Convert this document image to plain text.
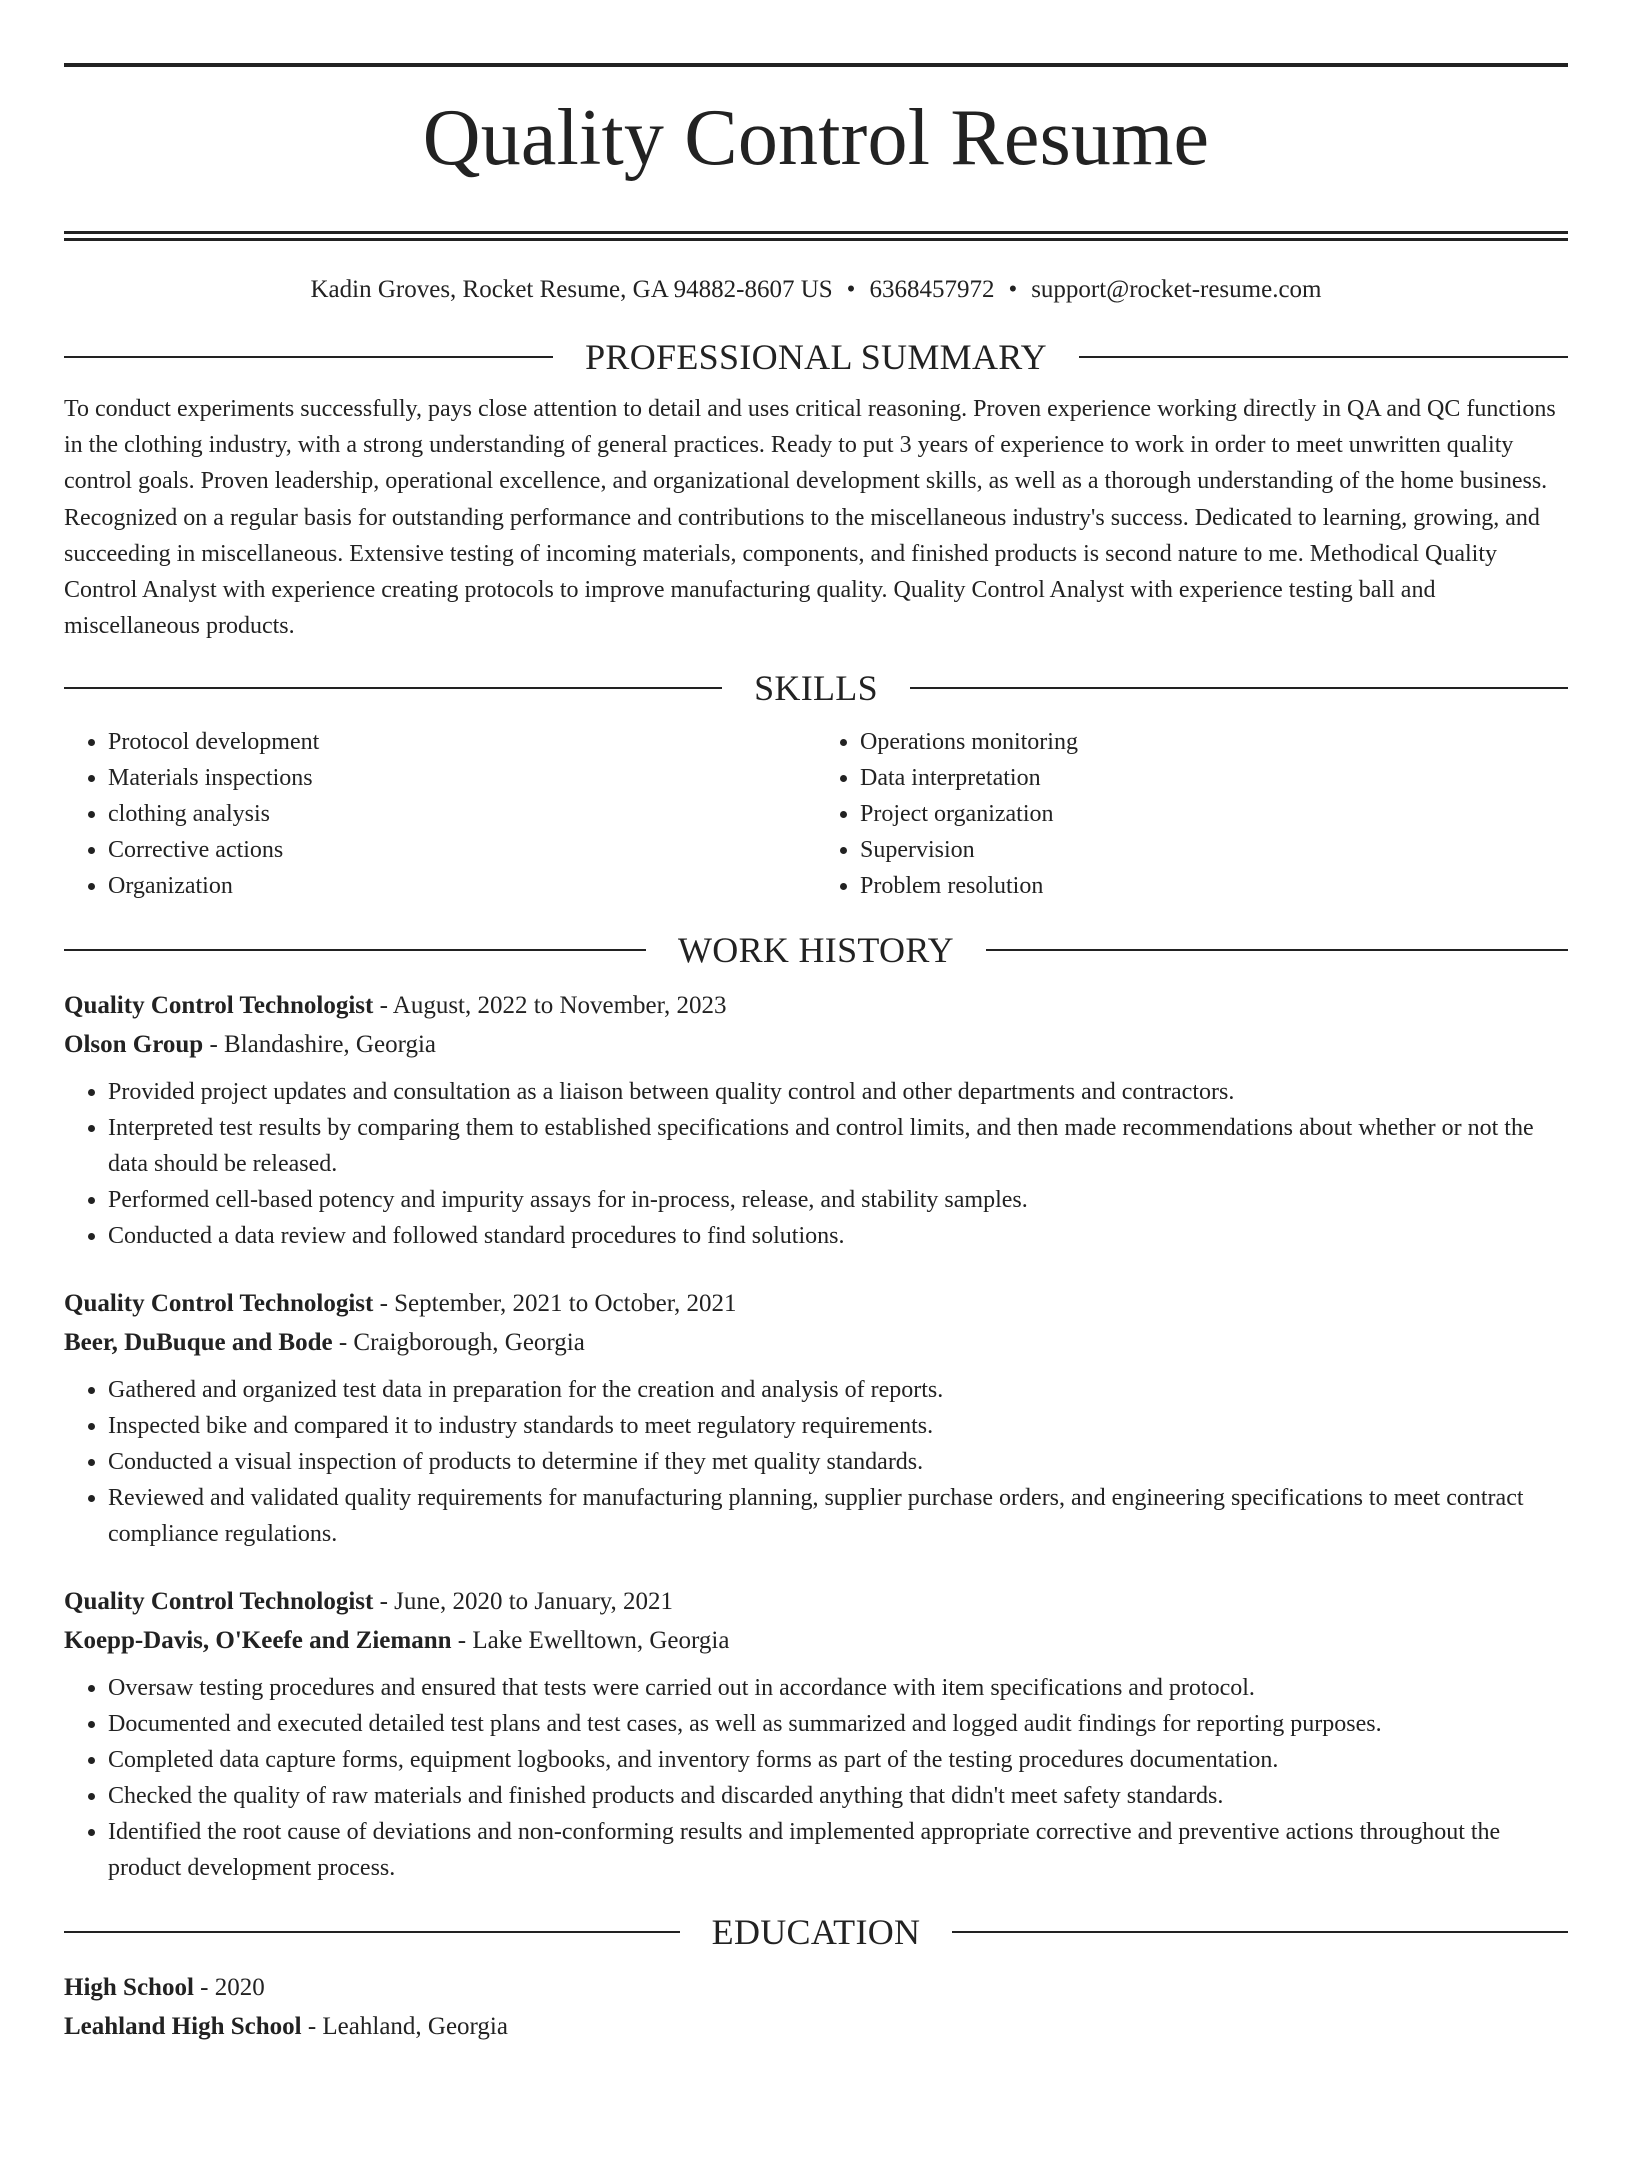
Quality Control Resume
Kadin Groves, Rocket Resume, GA 94882-8607 US • 6368457972 • support@rocket-resume.com
PROFESSIONAL SUMMARY

To conduct experiments successfully, pays close attention to detail and uses critical reasoning. Proven experience working directly in QA and QC functions in the clothing industry, with a strong understanding of general practices. Ready to put 3 years of experience to work in order to meet unwritten quality control goals. Proven leadership, operational excellence, and organizational development skills, as well as a thorough understanding of the home business. Recognized on a regular basis for outstanding performance and contributions to the miscellaneous industry's success. Dedicated to learning, growing, and succeeding in miscellaneous. Extensive testing of incoming materials, components, and finished products is second nature to me. Methodical Quality Control Analyst with experience creating protocols to improve manufacturing quality. Quality Control Analyst with experience testing ball and miscellaneous products.

SKILLS
• Protocol development
• Materials inspections
• clothing analysis
• Corrective actions
• Organization
• Operations monitoring
• Data interpretation
• Project organization
• Supervision
• Problem resolution
WORK HISTORY
Quality Control Technologist - August, 2022 to November, 2023
Olson Group - Blandashire, Georgia
• Provided project updates and consultation as a liaison between quality control and other departments and contractors.
• Interpreted test results by comparing them to established specifications and control limits, and then made recommendations about whether or not the data should be released.
• Performed cell-based potency and impurity assays for in-process, release, and stability samples.
• Conducted a data review and followed standard procedures to find solutions.
Quality Control Technologist - September, 2021 to October, 2021
Beer, DuBuque and Bode - Craigborough, Georgia
• Gathered and organized test data in preparation for the creation and analysis of reports.
• Inspected bike and compared it to industry standards to meet regulatory requirements.
• Conducted a visual inspection of products to determine if they met quality standards.
• Reviewed and validated quality requirements for manufacturing planning, supplier purchase orders, and engineering specifications to meet contract compliance regulations.
Quality Control Technologist - June, 2020 to January, 2021
Koepp-Davis, O'Keefe and Ziemann - Lake Ewelltown, Georgia
• Oversaw testing procedures and ensured that tests were carried out in accordance with item specifications and protocol.
• Documented and executed detailed test plans and test cases, as well as summarized and logged audit findings for reporting purposes.
• Completed data capture forms, equipment logbooks, and inventory forms as part of the testing procedures documentation.
• Checked the quality of raw materials and finished products and discarded anything that didn't meet safety standards.
• Identified the root cause of deviations and non-conforming results and implemented appropriate corrective and preventive actions throughout the product development process.
EDUCATION
High School - 2020
Leahland High School - Leahland, Georgia
